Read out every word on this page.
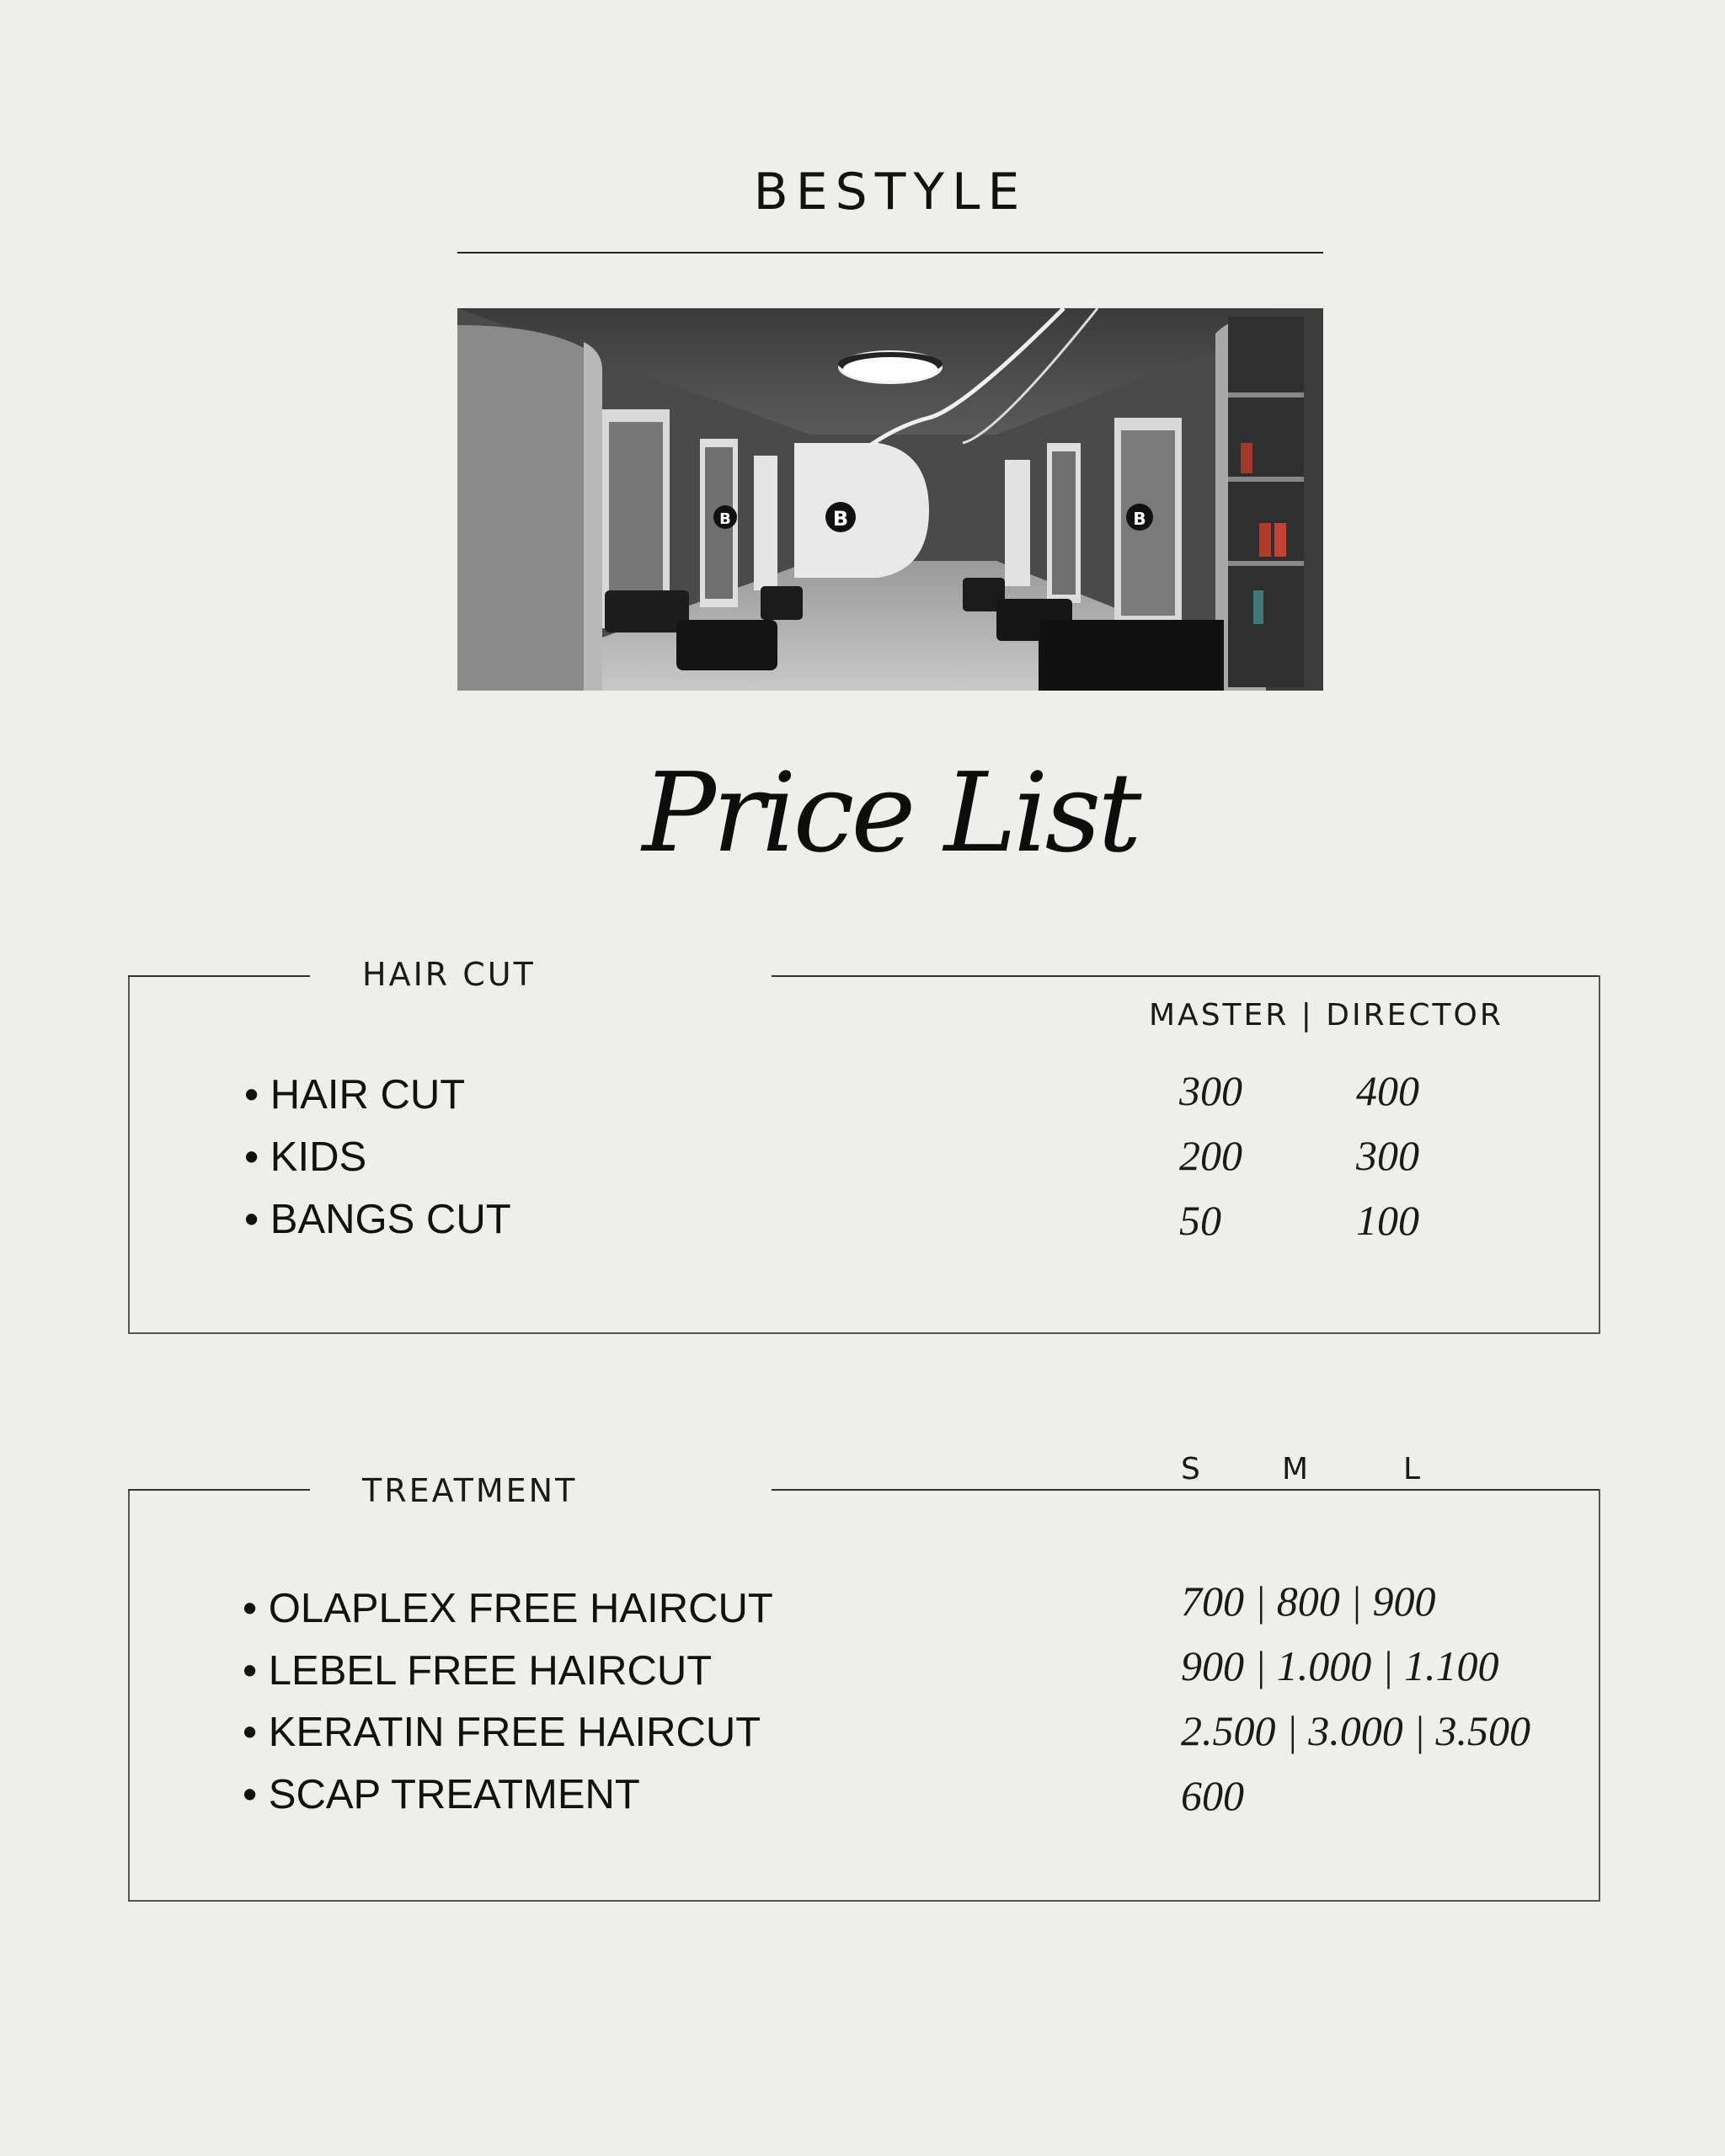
BESTYLE
B
B	B
Price List
HAIR CUT
MASTER | DIRECTOR
• HAIR CUT	300	400
• KIDS	200	300
• BANGS CUT	50	100
TREATMENT
S	M	L
• OLAPLEX FREE HAIRCUT	700 | 800 | 900
• LEBEL FREE HAIRCUT	900 | 1.000 | 1.100
• KERATIN FREE HAIRCUT	2.500 | 3.000 | 3.500
• SCAP TREATMENT	600
